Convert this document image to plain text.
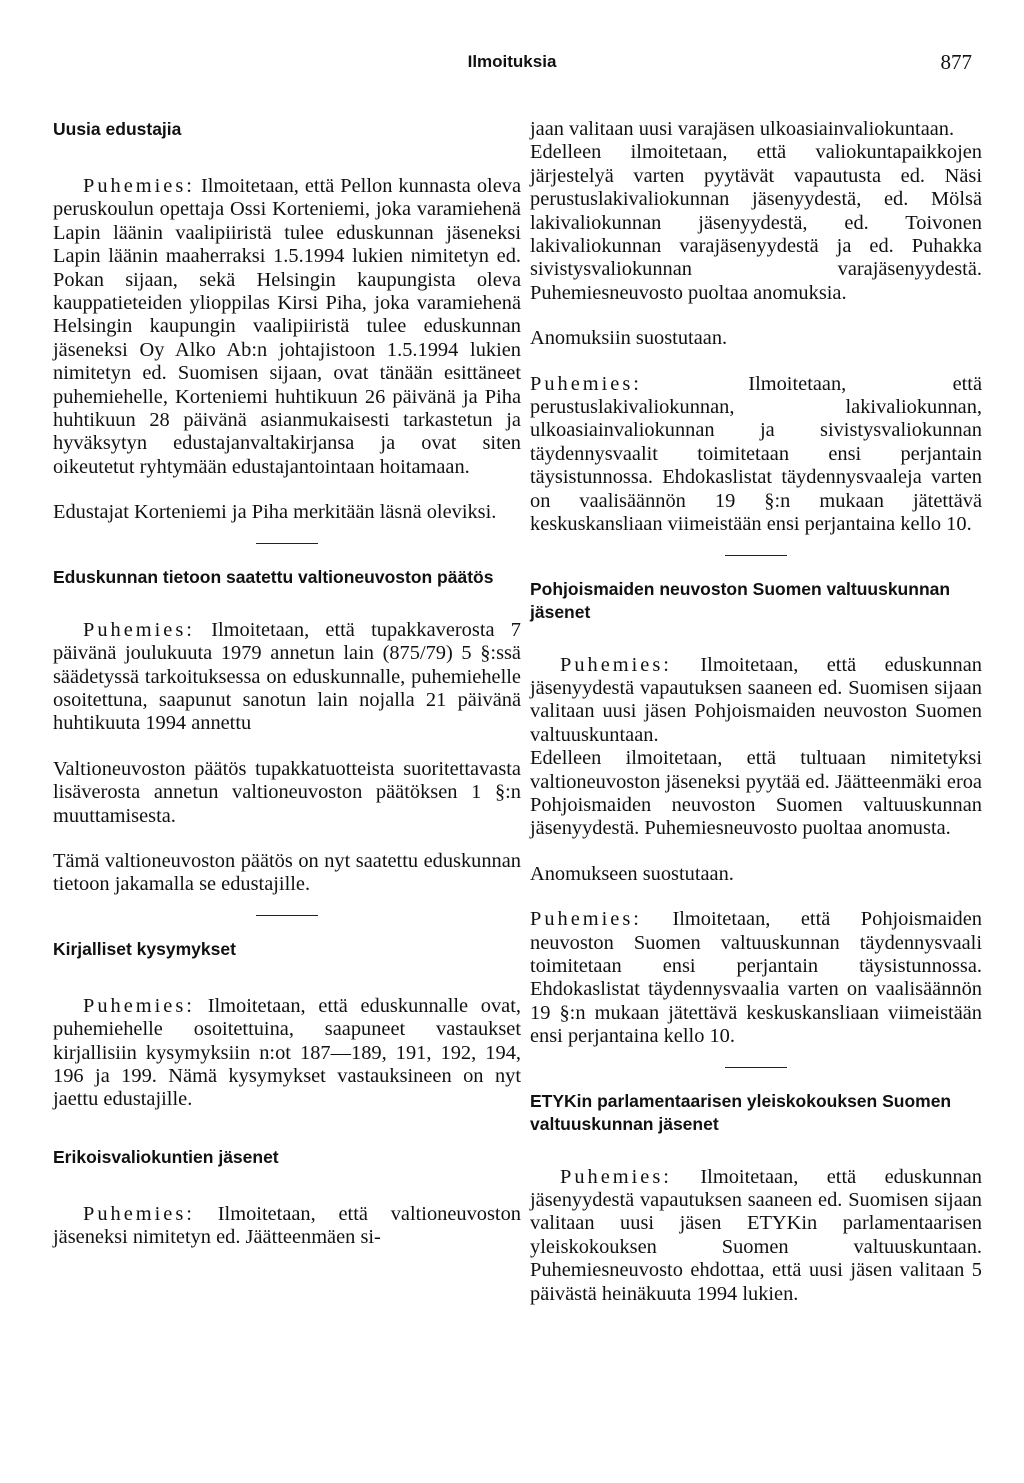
Ilmoituksia	877
Uusia edustajia

Puhemies: Ilmoitetaan, että Pellon kunnasta oleva peruskoulun opettaja Ossi Korteniemi, joka varamiehenä Lapin läänin vaalipiiristä tulee eduskunnan jäseneksi Lapin läänin maaherraksi 1.5.1994 lukien nimitetyn ed. Pokan sijaan, sekä Helsingin kaupungista oleva kauppatieteiden ylioppilas Kirsi Piha, joka varamiehenä Helsingin kaupungin vaalipiiristä tulee eduskunnan jäseneksi Oy Alko Ab:n johtajistoon 1.5.1994 lukien nimitetyn ed. Suomisen sijaan, ovat tänään esittäneet puhemiehelle, Korteniemi huhtikuun 26 päivänä ja Piha huhtikuun 28 päivänä asianmukaisesti tarkastetun ja hyväksytyn edustajanvaltakirjansa ja ovat siten oikeutetut ryhtymään edustajantointaan hoitamaan.

Edustajat Korteniemi ja Piha merkitään läsnä oleviksi.

Eduskunnan tietoon saatettu valtioneuvoston päätös

Puhemies: Ilmoitetaan, että tupakkaverosta 7 päivänä joulukuuta 1979 annetun lain (875/79) 5 §:ssä säädetyssä tarkoituksessa on eduskunnalle, puhemiehelle osoitettuna, saapunut sanotun lain nojalla 21 päivänä huhtikuuta 1994 annettu

Valtioneuvoston päätös tupakkatuotteista suoritettavasta lisäverosta annetun valtioneuvoston päätöksen 1 §:n muuttamisesta.

Tämä valtioneuvoston päätös on nyt saatettu eduskunnan tietoon jakamalla se edustajille.

Kirjalliset kysymykset

Puhemies: Ilmoitetaan, että eduskunnalle ovat, puhemiehelle osoitettuina, saapuneet vastaukset kirjallisiin kysymyksiin n:ot 187—189, 191, 192, 194, 196 ja 199. Nämä kysymykset vastauksineen on nyt jaettu edustajille.

Erikoisvaliokuntien jäsenet

Puhemies: Ilmoitetaan, että valtioneuvoston jäseneksi nimitetyn ed. Jäätteenmäen si-

jaan valitaan uusi varajäsen ulkoasiainvaliokuntaan.

Edelleen ilmoitetaan, että valiokuntapaikkojen järjestelyä varten pyytävät vapautusta ed. Näsi perustuslakivaliokunnan jäsenyydestä, ed. Mölsä lakivaliokunnan jäsenyydestä, ed. Toivonen lakivaliokunnan varajäsenyydestä ja ed. Puhakka sivistysvaliokunnan varajäsenyydestä. Puhemiesneuvosto puoltaa anomuksia.

Anomuksiin suostutaan.

Puhemies:	Ilmoitetaan, että perustuslakivaliokunnan, lakivaliokunnan, ulkoasiainvaliokunnan ja sivistysvaliokunnan täydennysvaalit toimitetaan ensi perjantain täysistunnossa. Ehdokaslistat täydennysvaaleja varten on vaalisäännön 19 §:n mukaan jätettävä keskuskansliaan viimeistään ensi perjantaina kello 10.

Pohjoismaiden neuvoston Suomen valtuuskunnan jäsenet

Puhemies: Ilmoitetaan, että eduskunnan jäsenyydestä vapautuksen saaneen ed. Suomisen sijaan valitaan uusi jäsen Pohjoismaiden neuvoston Suomen valtuuskuntaan.

Edelleen ilmoitetaan, että tultuaan nimitetyksi valtioneuvoston jäseneksi pyytää ed. Jäätteenmäki eroa Pohjoismaiden neuvoston Suomen valtuuskunnan jäsenyydestä. Puhemiesneuvosto puoltaa anomusta.

Anomukseen suostutaan.

Puhemies: Ilmoitetaan, että Pohjoismaiden neuvoston Suomen valtuuskunnan täydennysvaali toimitetaan ensi perjantain täysistunnossa. Ehdokaslistat täydennysvaalia varten on vaalisäännön 19 §:n mukaan jätettävä keskuskansliaan viimeistään ensi perjantaina kello 10.

ETYKin parlamentaarisen yleiskokouksen Suomen valtuuskunnan jäsenet

Puhemies: Ilmoitetaan, että eduskunnan jäsenyydestä vapautuksen saaneen ed. Suomisen sijaan valitaan uusi jäsen ETYKin parlamentaarisen yleiskokouksen Suomen valtuuskuntaan. Puhemiesneuvosto ehdottaa, että uusi jäsen valitaan 5 päivästä heinäkuuta 1994 lukien.
